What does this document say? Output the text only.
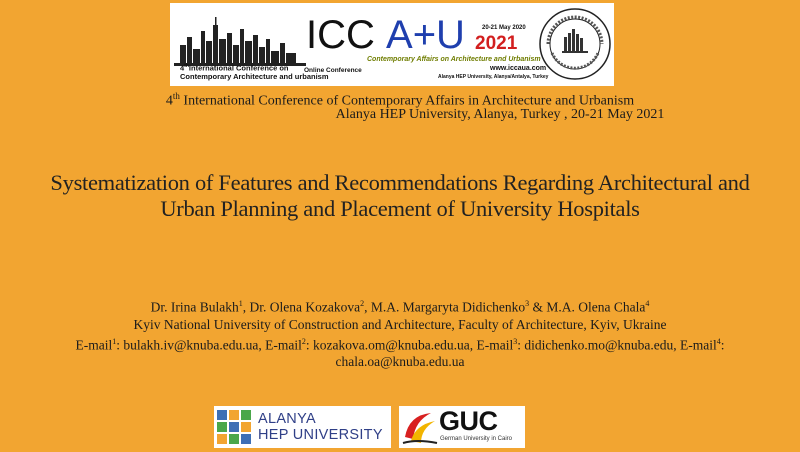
4thInternational Conference on
Contemporary Architecture and urbanism
Online Conference
ICC A+U	20-21 May 2020
2021
Contemporary Affairs on Architecture and Urbanism
www.iccaua.com
Alanya HEP University, Alanya/Antalya, Turkey
4th International Conference of Contemporary Affairs in Architecture and Urbanism
Alanya HEP University, Alanya, Turkey , 20-21 May 2021
Systematization of Features and Recommendations Regarding Architectural and Urban Planning and Placement of University Hospitals
Dr. Irina Bulakh$^1$, Dr. Olena Kozakova$^2$, M.A. Margaryta Didichenko$^3$ & M.A. Olena Chala$^4$
Kyiv National University of Construction and Architecture, Faculty of Architecture, Kyiv, Ukraine
E-mail$^1$: bulakh.iv@knuba.edu.ua, E-mail$^2$: kozakova.om@knuba.edu.ua, E-mail$^3$: didichenko.mo@knuba.edu, E-mail$^4$: chala.oa@knuba.edu.ua
ALANYA
HEP UNIVERSITY GUC
German University in Cairo
